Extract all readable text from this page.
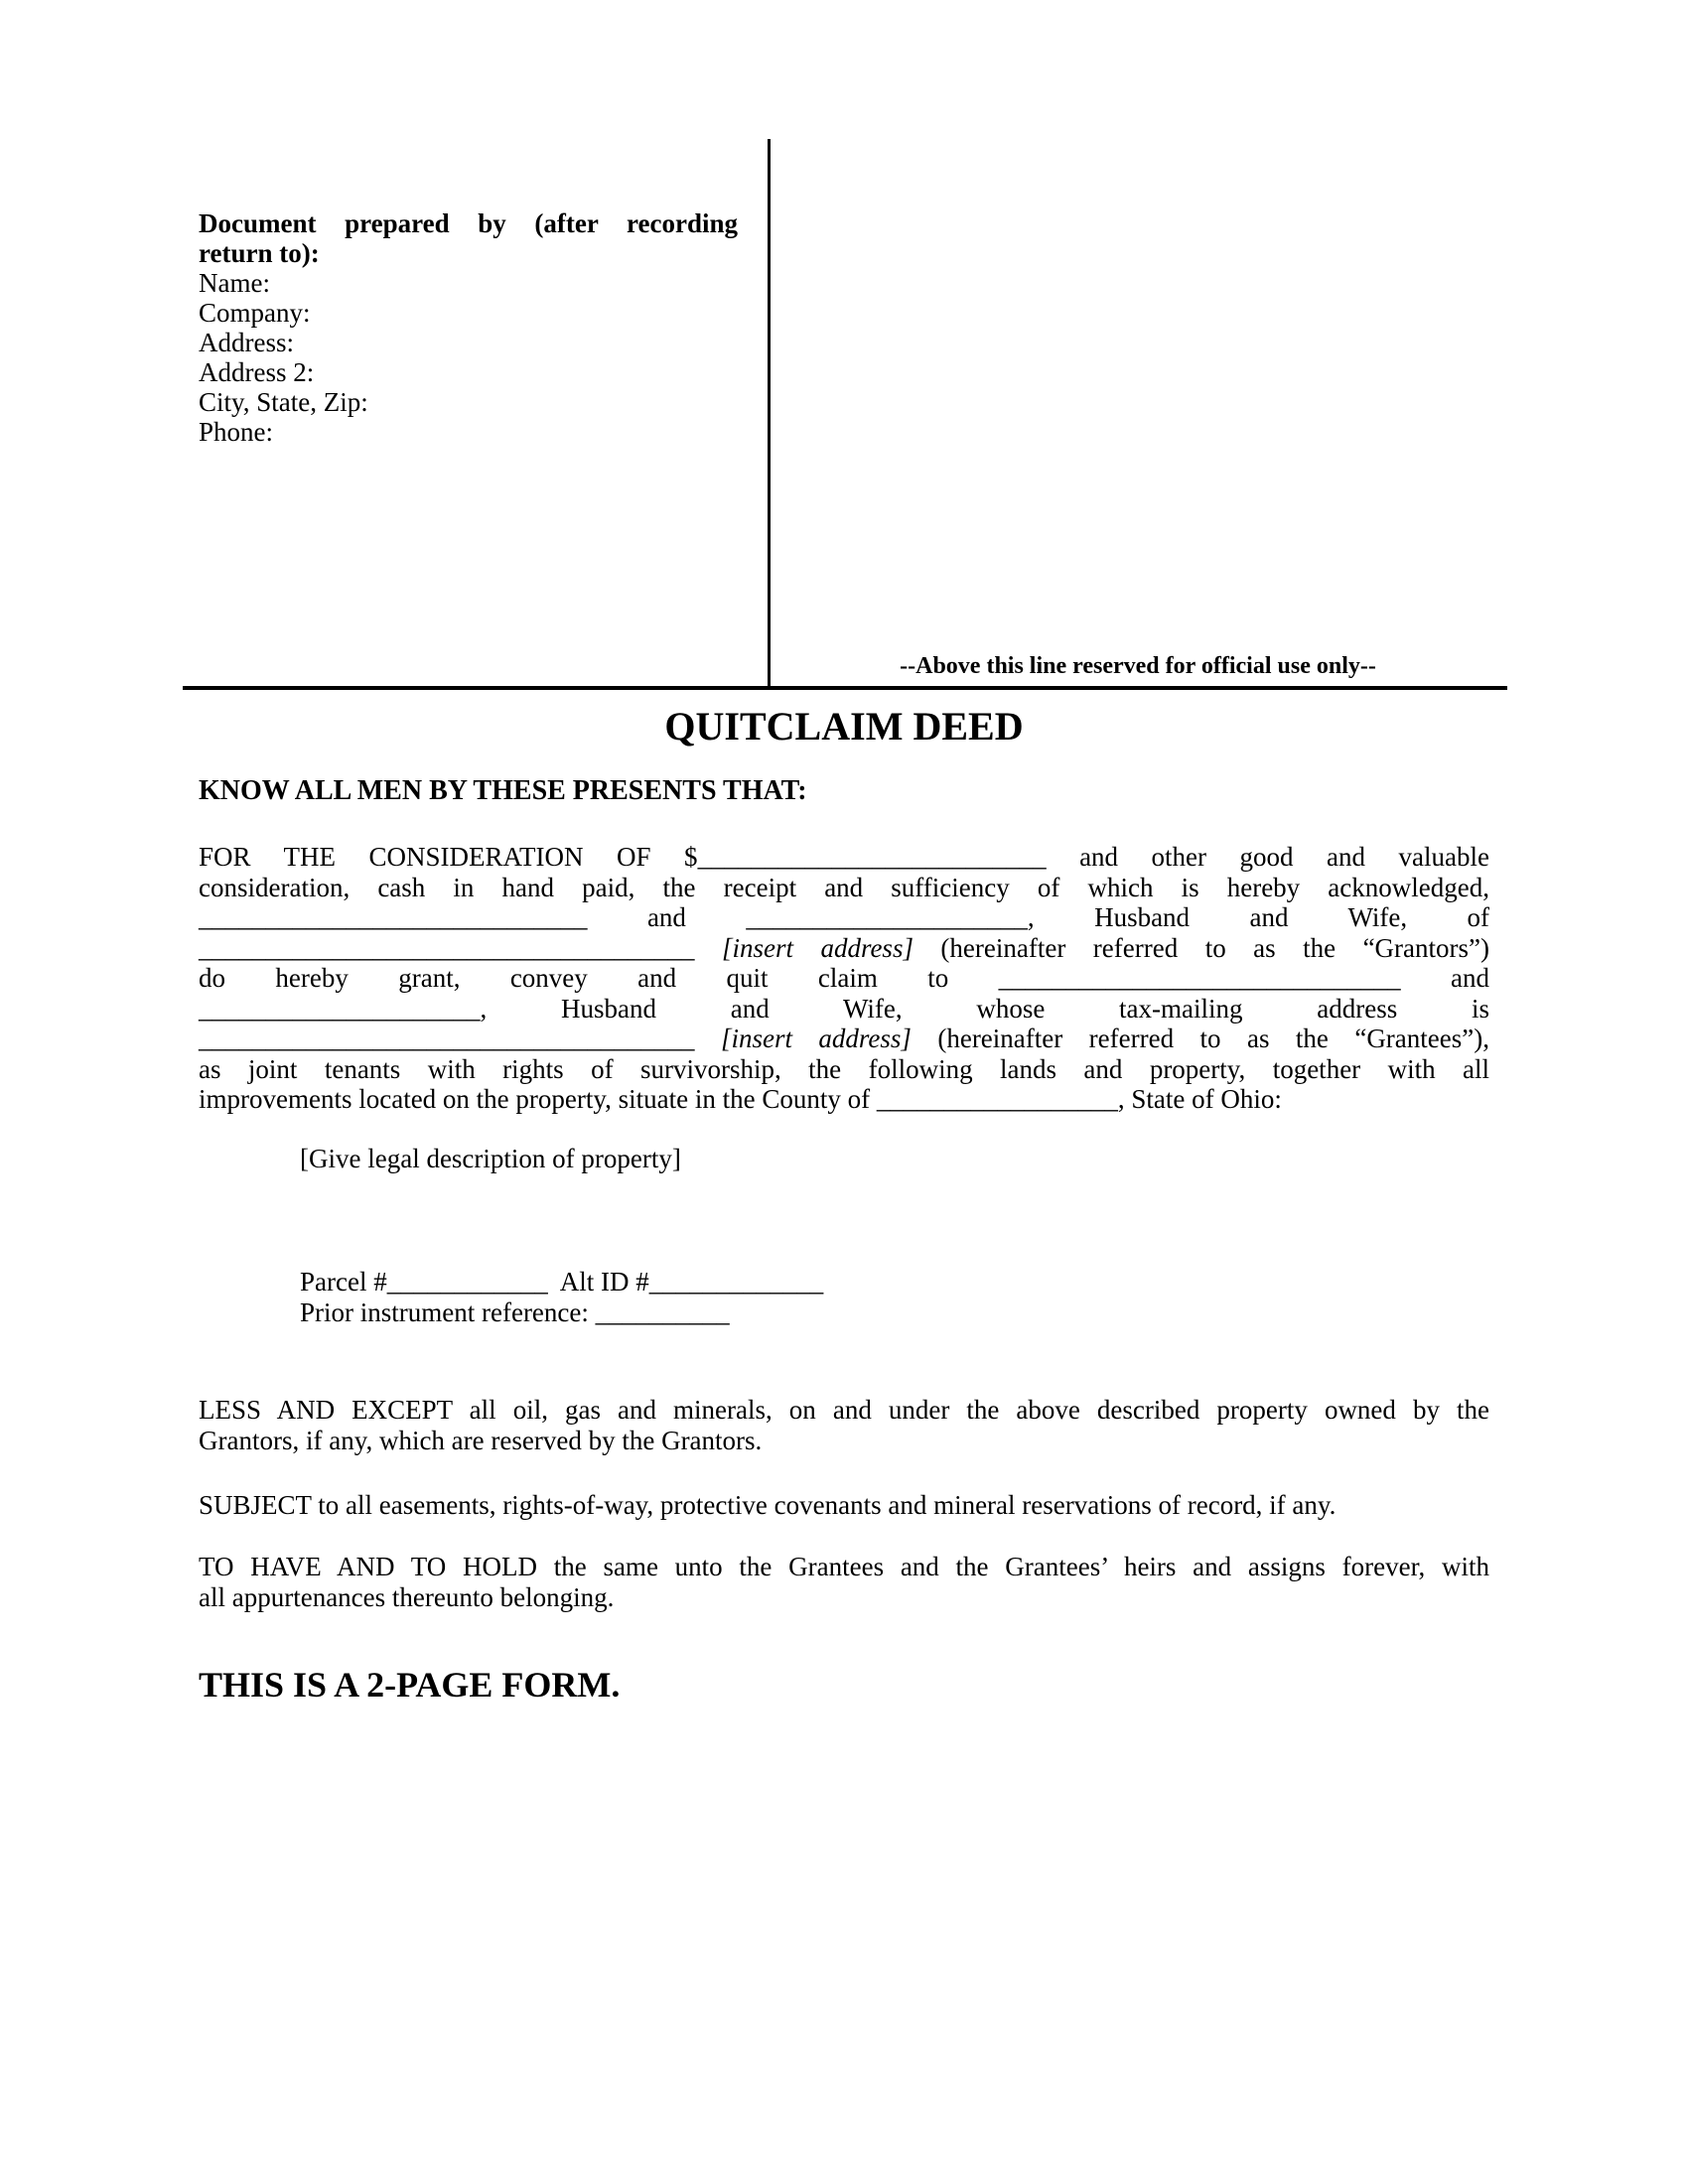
Document prepared by (after recording
return to):
Name:
Company:
Address:
Address 2:
City, State, Zip:
Phone:
--Above this line reserved for official use only--
QUITCLAIM DEED
KNOW ALL MEN BY THESE PRESENTS THAT:
FOR THE CONSIDERATION OF $__________________________ and other good and valuable
consideration, cash in hand paid, the receipt and sufficiency of which is hereby acknowledged,
_____________________________ and _____________________, Husband and Wife, of
_____________________________________ [insert address] (hereinafter referred to as the “Grantors”)
do hereby grant, convey and quit claim to ______________________________ and
_____________________, Husband and Wife, whose tax-mailing address is
_____________________________________ [insert address] (hereinafter referred to as the “Grantees”),
as joint tenants with rights of survivorship, the following lands and property, together with all
improvements located on the property, situate in the County of __________________, State of Ohio:
[Give legal description of property]
Parcel #____________ Alt ID #_____________
Prior instrument reference: __________
LESS AND EXCEPT all oil, gas and minerals, on and under the above described property owned by the
Grantors, if any, which are reserved by the Grantors.
SUBJECT to all easements, rights-of-way, protective covenants and mineral reservations of record, if any.
TO HAVE AND TO HOLD the same unto the Grantees and the Grantees’ heirs and assigns forever, with
all appurtenances thereunto belonging.
THIS IS A 2-PAGE FORM.
